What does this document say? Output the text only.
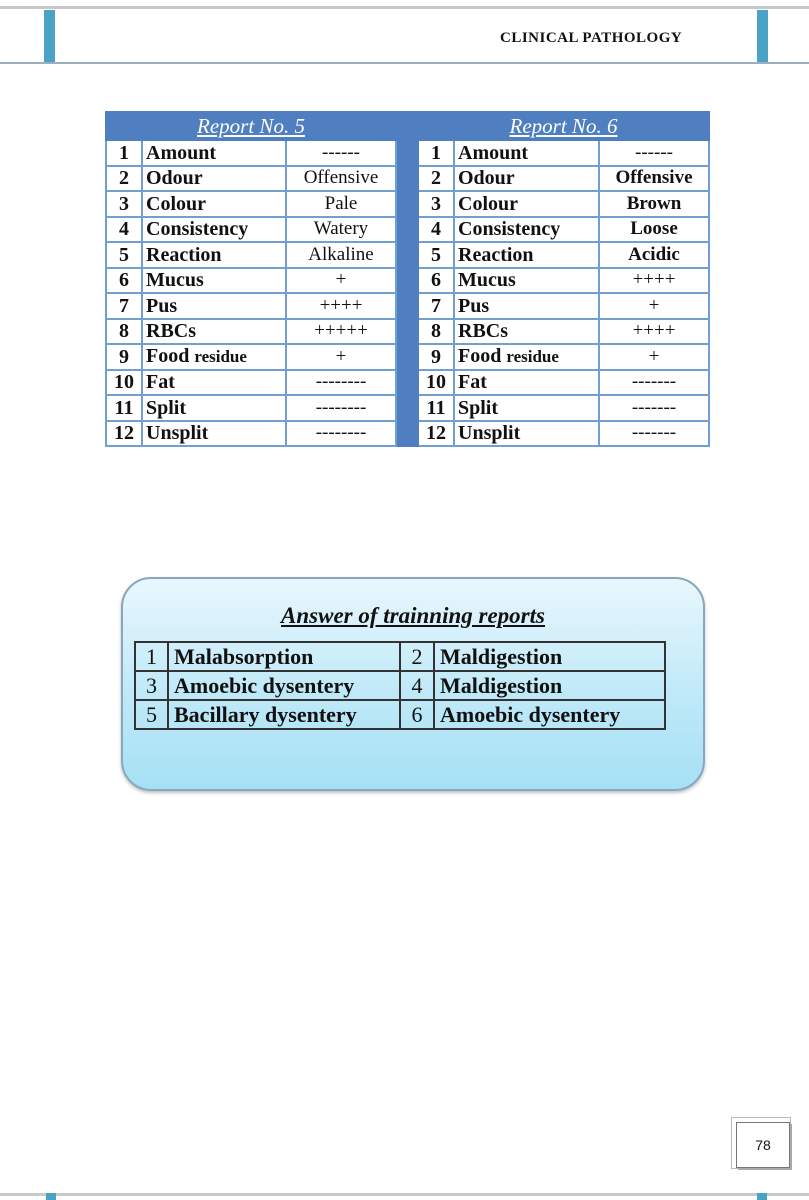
CLINICAL PATHOLOGY
Report No. 5				Report No. 6		
1	Amount	------		1	Amount	------
2	Odour	Offensive		2	Odour	Offensive
3	Colour	Pale		3	Colour	Brown
4	Consistency	Watery		4	Consistency	Loose
5	Reaction	Alkaline		5	Reaction	Acidic
6	Mucus	+		6	Mucus	++++
7	Pus	++++		7	Pus	+
8	RBCs	+++++		8	RBCs	++++
9	Food residue	+		9	Food residue	+
10	Fat	--------		10	Fat	-------
11	Split	--------		11	Split	-------
12	Unsplit	--------		12	Unsplit	-------
Answer of trainning reports
1	Malabsorption	2	Maldigestion
3	Amoebic dysentery	4	Maldigestion
5	Bacillary dysentery	6	Amoebic dysentery
78
